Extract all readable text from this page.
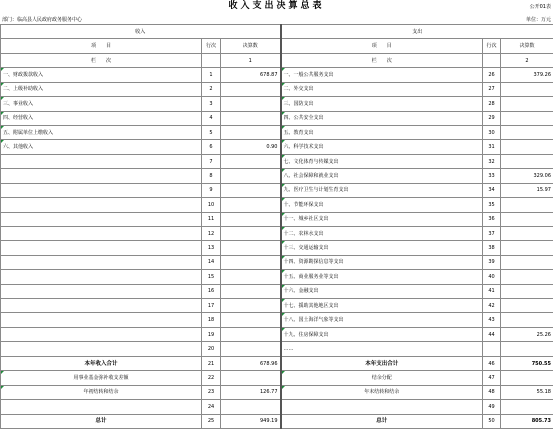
收入支出决算总表	公开01表
部门：临高县人民政府政务服务中心	单位：万元
收入			支出		
项　　目	行次	决算数	项　　目	行次	决算数
栏　　次		1	栏　　次		2
一、财政拨款收入	1	678.87	一、一般公共服务支出	26	379.26
二、上级补助收入	2		二、外交支出	27	
三、事业收入	3		三、国防支出	28	
四、经营收入	4		四、公共安全支出	29	
五、附属单位上缴收入	5		五、教育支出	30	
六、其他收入	6	0.90	六、科学技术支出	31	
	7		七、文化体育与传媒支出	32	
	8		八、社会保障和就业支出	33	329.06
	9		九、医疗卫生与计划生育支出	34	15.97
	10		十、节能环保支出	35	
	11		十一、城乡社区支出	36	
	12		十二、农林水支出	37	
	13		十三、交通运输支出	38	
	14		十四、资源勘探信息等支出	39	
	15		十五、商业服务业等支出	40	
	16		十六、金融支出	41	
	17		十七、援助其他地区支出	42	
	18		十八、国土海洋气象等支出	43	
	19		十九、住房保障支出	44	25.26
	20		……		
本年收入合计	21	678.96	本年支出合计	46	750.55
用事业基金弥补收支差额	22		结余分配	47	
年初结转和结余	23	126.77	年末结转和结余	48	55.18
	24			49	
总计	25	949.19	总计	50	805.73
